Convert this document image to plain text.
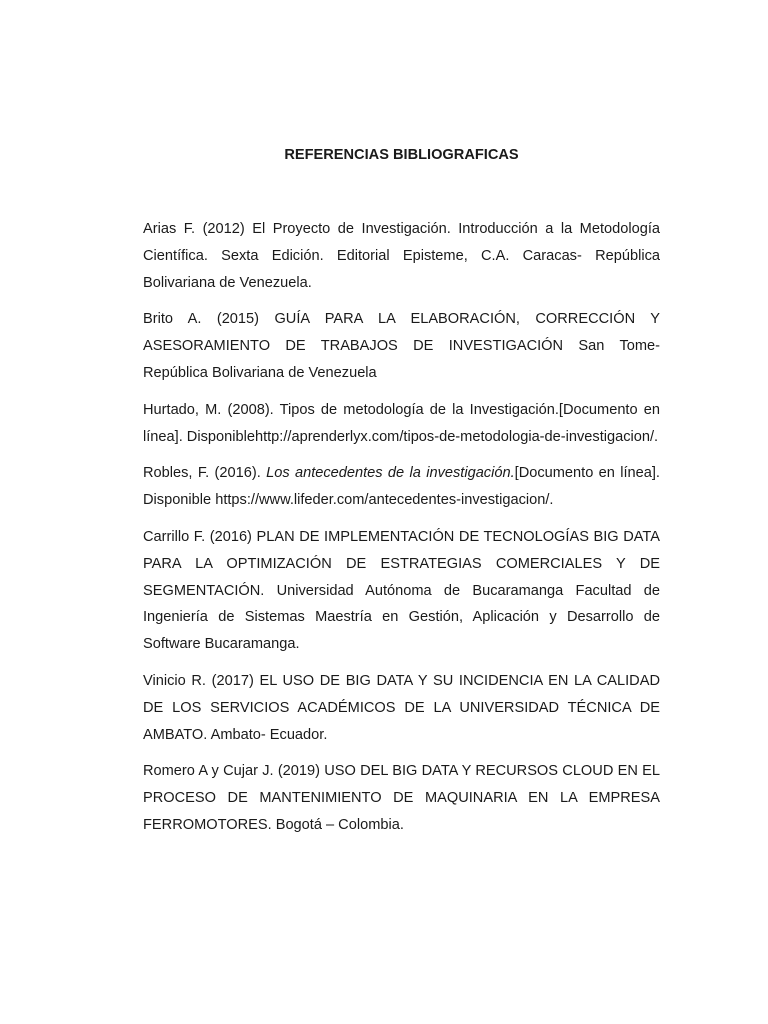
REFERENCIAS BIBLIOGRAFICAS
Arias F. (2012) El Proyecto de Investigación. Introducción a la Metodología Científica. Sexta Edición. Editorial Episteme, C.A. Caracas- República Bolivariana de Venezuela.
Brito A. (2015) GUÍA PARA LA ELABORACIÓN, CORRECCIÓN Y ASESORAMIENTO DE TRABAJOS DE INVESTIGACIÓN San Tome- República Bolivariana de Venezuela
Hurtado, M. (2008). Tipos de metodología de la Investigación.[Documento en línea]. Disponiblehttp://aprenderlyx.com/tipos-de-metodologia-de-investigacion/.
Robles, F. (2016). Los antecedentes de la investigación.[Documento en línea]. Disponible https://www.lifeder.com/antecedentes-investigacion/.
Carrillo F. (2016) PLAN DE IMPLEMENTACIÓN DE TECNOLOGÍAS BIG DATA PARA LA OPTIMIZACIÓN DE ESTRATEGIAS COMERCIALES Y DE SEGMENTACIÓN. Universidad Autónoma de Bucaramanga Facultad de Ingeniería de Sistemas Maestría en Gestión, Aplicación y Desarrollo de Software Bucaramanga.
Vinicio R. (2017) EL USO DE BIG DATA Y SU INCIDENCIA EN LA CALIDAD DE LOS SERVICIOS ACADÉMICOS DE LA UNIVERSIDAD TÉCNICA DE AMBATO. Ambato- Ecuador.
Romero A y Cujar J. (2019) USO DEL BIG DATA Y RECURSOS CLOUD EN EL PROCESO DE MANTENIMIENTO DE MAQUINARIA EN LA EMPRESA FERROMOTORES. Bogotá – Colombia.
